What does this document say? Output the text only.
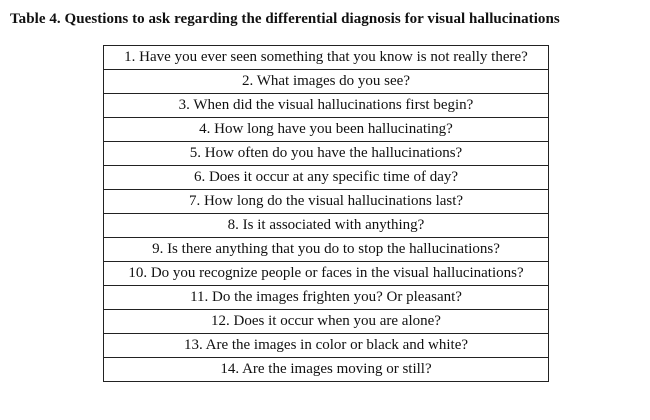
Table 4. Questions to ask regarding the differential diagnosis for visual hallucinations
1. Have you ever seen something that you know is not really there?
2. What images do you see?
3. When did the visual hallucinations first begin?
4. How long have you been hallucinating?
5. How often do you have the hallucinations?
6. Does it occur at any specific time of day?
7. How long do the visual hallucinations last?
8. Is it associated with anything?
9. Is there anything that you do to stop the hallucinations?
10. Do you recognize people or faces in the visual hallucinations?
11. Do the images frighten you? Or pleasant?
12. Does it occur when you are alone?
13. Are the images in color or black and white?
14. Are the images moving or still?
